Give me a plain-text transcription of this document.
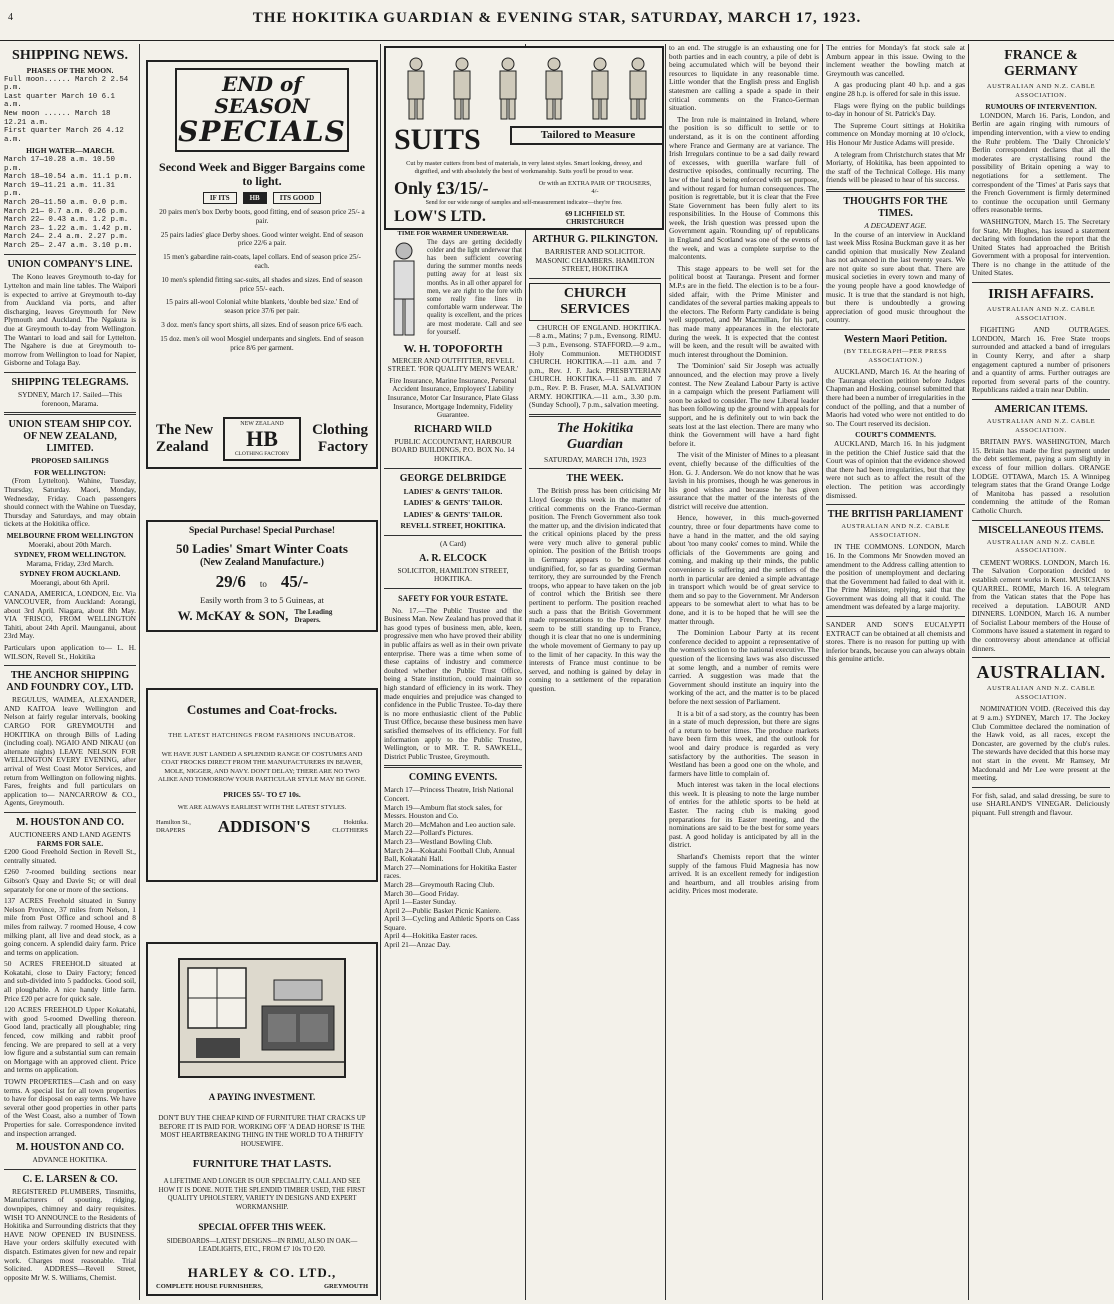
4	THE HOKITIKA GUARDIAN & EVENING STAR, SATURDAY, MARCH 17, 1923.
SHIPPING NEWS.
PHASES OF THE MOON.
Full moon...... March 2 2.54 p.m.
Last quarter March 10 6.1 a.m.
New moon ...... March 18 12.21 a.m.
First quarter March 26 4.12 a.m.
HIGH WATER—MARCH.
March 17—10.28 a.m. 10.50 p.m.
March 18—10.54 a.m. 11.1 p.m.
March 19—11.21 a.m. 11.31 p.m.
March 20—11.50 a.m. 0.0 p.m.
March 21— 0.7 a.m. 0.26 p.m.
March 22— 0.43 a.m. 1.2 p.m.
March 23— 1.22 a.m. 1.42 p.m.
March 24— 2.4 a.m. 2.27 p.m.
March 25— 2.47 a.m. 3.10 p.m.
UNION COMPANY'S LINE.

The Kono leaves Greymouth to-day for Lyttelton and main line tables. The Waipori is expected to arrive at Greymouth to-day from Auckland via ports, and after discharging, leaves Greymouth for New Plymouth and Auckland. The Ngakuta is due at Greymouth to-day from Wellington. The Wantari to load and sail for Lyttelton. The Ngahere is due at Greymouth to-morrow from Wellington to load for Napier, Gisborne and Tolaga Bay.

SHIPPING TELEGRAMS.

SYDNEY, March 17. Sailed—This forenoon, Marama.

UNION STEAM SHIP COY. OF NEW ZEALAND, LIMITED.
PROPOSED SAILINGS
FOR WELLINGTON:

(From Lyttelton). Wahine, Tuesday, Thursday, Saturday. Maori, Monday, Wednesday, Friday. Coach passengers should connect with the Wahine on Tuesday, Thursday and Saturdays, and may obtain tickets at the Hokitika office.

MELBOURNE FROM WELLINGTON
Moeraki, about 20th March.
SYDNEY, FROM WELLINGTON.
Marama, Friday, 23rd March.
SYDNEY FROM AUCKLAND.
Moerangi, about 6th April.

CANADA, AMERICA, LONDON, Etc. Via VANCOUVER, from Auckland: Aorangi, about 3rd April. Niagara, about 8th May. VIA 'FRISCO, FROM WELLINGTON Tahiti, about 24th April. Maunganui, about 23rd May.

Particulars upon application to— L. H. WILSON, Revell St., Hokitika

THE ANCHOR SHIPPING AND FOUNDRY COY., LTD.

REGULUS, WAIMEA, ALEXANDER, AND KAITOA leave Wellington and Nelson at fairly regular intervals, booking CARGO FOR GREYMOUTH and HOKITIKA on through Bills of Lading (including coal). NGAIO AND NIKAU (on alternate nights) LEAVE NELSON FOR WELLINGTON EVERY EVENING, after arrival of West Coast Motor Services, and return from Wellington on following nights. Fares, freights and full particulars on application to— NANCARROW & CO., Agents, Greymouth.

M. HOUSTON AND CO.
AUCTIONEERS AND LAND AGENTS
FARMS FOR SALE.

£200 Good Freehold Section in Revell St., centrally situated.

£260 7-roomed building sections near Gibson's Quay and Davie St; or will deal separately for one or more of the sections.

137 ACRES Freehold situated in Sunny Nelson Province, 37 miles from Nelson, 1 mile from Post Office and school and 8 miles from railway. 7 roomed House, 4 cow milking plant, all live and dead stock, as a going concern. A splendid dairy farm. Price and terms on application.

50 ACRES FREEHOLD situated at Kokatahi, close to Dairy Factory; fenced and sub-divided into 5 paddocks. Good soil, all ploughable. A nice handy little farm. Price £20 per acre for quick sale.

120 ACRES FREEHOLD Upper Kokatahi, with good 5-roomed Dwelling thereon. Good land, practically all ploughable; ring fenced, cow milking and rabbit proof fencing. We are prepared to sell at a very low figure and a substantial sum can remain on Mortgage with an approved client. Price and terms on application.

TOWN PROPERTIES—Cash and on easy terms. A special list for all town properties to have for disposal on easy terms. We have several other good properties in other parts of the West Coast, also a number of Town Properties for sale. Correspondence invited and inspection arranged.

M. HOUSTON AND CO.
ADVANCE HOKITIKA.
C. E. LARSEN & CO.

REGISTERED PLUMBERS, Tinsmiths, Manufacturers of spouting, ridging, downpipes, chimney and dairy requisites. WISH TO ANNOUNCE to the Residents of Hokitika and Surrounding districts that they HAVE NOW OPENED IN BUSINESS. Have your orders skilfully executed with dispatch. Estimates given for new and repair work. Charges most reasonable. Trial Solicited. ADDRESS—Revell Street, opposite Mr W. S. Williams, Chemist.

END of SEASON
SPECIALS
Second Week and Bigger Bargains come to light.
IF ITS	HB	ITS GOOD
20 pairs men's box Derby boots, good fitting, end of season price 25/- a pair.
25 pairs ladies' glace Derby shoes. Good winter weight. End of season price 22/6 a pair.
15 men's gabardine rain-coats, lapel collars. End of season price 25/- each.
10 men's splendid fitting sac-suits, all shades and sizes. End of season price 55/- each.
15 pairs all-wool Colonial white blankets, 'double bed size.' End of season price 37/6 per pair.
3 doz. men's fancy sport shirts, all sizes. End of season price 6/6 each.
15 doz. men's oil wool Mosgiel underpants and singlets. End of season price 8/6 per garment.
The New Zealand
NEW ZEALAND
HB
CLOTHING FACTORY
Clothing Factory
Special Purchase! Special Purchase!
50 Ladies' Smart Winter Coats
(New Zealand Manufacture.)
29/6 to 45/-
Easily worth from 3 to 5 Guineas, at
W. McKAY & SON, The Leading Drapers.
Costumes and Coat-frocks.
THE LATEST HATCHINGS FROM FASHIONS INCUBATOR.
WE HAVE JUST LANDED A SPLENDID RANGE OF COSTUMES AND COAT FROCKS DIRECT FROM THE MANUFACTURERS IN BEAVER, MOLE, NIGGER, AND NAVY. DON'T DELAY; THERE ARE NO TWO ALIKE AND TOMORROW YOUR PARTICULAR STYLE MAY BE GONE.
PRICES 55/- TO £7 10s.
WE ARE ALWAYS EARLIEST WITH THE LATEST STYLES.
Hamilton St., DRAPERS	ADDISON'S	Hokitika. CLOTHIERS
A PAYING INVESTMENT.
DON'T BUY THE CHEAP KIND OF FURNITURE THAT CRACKS UP BEFORE IT IS PAID FOR. WORKING OFF 'A DEAD HORSE' IS THE MOST HEARTBREAKING THING IN THE WORLD TO A THRIFTY HOUSEWIFE.
FURNITURE THAT LASTS.
A LIFETIME AND LONGER IS OUR SPECIALITY. CALL AND SEE HOW IT IS DONE. NOTE THE SPLENDID TIMBER USED, THE FIRST QUALITY UPHOLSTERY, VARIETY IN DESIGNS AND EXPERT WORKMANSHIP.
SPECIAL OFFER THIS WEEK.
SIDEBOARDS—LATEST DESIGNS—IN RIMU, ALSO IN OAK—LEADLIGHTS, ETC., FROM £7 10s TO £20.
HARLEY & CO. LTD.,
COMPLETE HOUSE FURNISHERS,	GREYMOUTH
TIME FOR WARMER UNDERWEAR.
The days are getting decidedly colder and the light underwear that has been sufficient covering during the summer months needs putting away for at least six months. As in all other apparel for men, we are right to the fore with some really fine lines in comfortable warm underwear. The quality is excellent, and the prices are most moderate. Call and see for yourself.
W. H. TOPOFORTH
MERCER AND OUTFITTER, REVELL STREET. 'FOR QUALITY MEN'S WEAR.'
Fire Insurance, Marine Insurance, Personal Accident Insurance, Employers' Liability Insurance, Motor Car Insurance, Plate Glass Insurance, Mortgage Indemnity, Fidelity Guarantee.
RICHARD WILD
PUBLIC ACCOUNTANT, HARBOUR BOARD BUILDINGS, P.O. BOX No. 14 HOKITIKA.
GEORGE DELBRIDGE
LADIES' & GENTS' TAILOR.
LADIES' & GENTS' TAILOR.
LADIES' & GENTS' TAILOR.
REVELL STREET, HOKITIKA.
(A Card)
A. R. ELCOCK
SOLICITOR, HAMILTON STREET, HOKITIKA.
SAFETY FOR YOUR ESTATE.

No. 17.—The Public Trustee and the Business Man. New Zealand has proved that it has good types of business men, able, keen, progressive men who have proved their ability in public affairs as well as in their own private enterprise. There was a time when some of these captains of industry and commerce doubted whether the Public Trust Office, being a State institution, could maintain so high standard of efficiency in its work. They made enquiries and prejudice was changed to confidence in the Public Trustee. To-day there is no more enthusiastic client of the Public Trust Office, because these business men have satisfied themselves of its efficiency. For full information apply to the Public Trustee, Wellington, or to MR. T. R. SAWKELL, District Public Trustee, Greymouth.

COMING EVENTS.
March 17—Princess Theatre, Irish National Concert.
March 19—Amburn flat stock sales, for Messrs. Houston and Co.
March 20—McMahon and Leo auction sale.
March 22—Pollard's Pictures.
March 23—Westland Bowling Club.
March 24—Kokatahi Football Club, Annual Ball, Kokatahi Hall.
March 27—Nominations for Hokitika Easter races.
March 28—Greymouth Racing Club.
March 30—Good Friday.
April 1—Easter Sunday.
April 2—Public Basket Picnic Kaniere.
April 3—Cycling and Athletic Sports on Cass Square.
April 4—Hokitika Easter races.
April 21—Anzac Day.
SUITS	Tailored to Measure
Cut by master cutters from best of materials, in very latest styles. Smart looking, dressy, and dignified, and with absolutely the best of workmanship. Suits you'll be proud to wear.
Only £3/15/-	Or with an EXTRA PAIR OF TROUSERS, 4/-
Send for our wide range of samples and self-measurement indicator—they're free.
LOW'S LTD.	69 LICHFIELD ST. CHRISTCHURCH
ARTHUR G. PILKINGTON.
BARRISTER AND SOLICITOR. MASONIC CHAMBERS. HAMILTON STREET, HOKITIKA
CHURCH SERVICES

CHURCH OF ENGLAND. HOKITIKA.—8 a.m., Matins; 7 p.m., Evensong. RIMU.—3 p.m., Evensong. STAFFORD.—9 a.m., Holy Communion. METHODIST CHURCH. HOKITIKA.—11 a.m. and 7 p.m., Rev. J. F. Jack. PRESBYTERIAN CHURCH. HOKITIKA.—11 a.m. and 7 p.m., Rev. P. B. Fraser, M.A. SALVATION ARMY. HOKITIKA.—11 a.m., 3.30 p.m. (Sunday School), 7 p.m., salvation meeting.

The Hokitika Guardian
SATURDAY, MARCH 17th, 1923
THE WEEK.

The British press has been criticising Mr Lloyd George this week in the matter of critical comments on the Franco-German position. The French Government also took the matter up, and the division indicated that the critical opinions placed by the press were very much alive to general public opinion. The position of the British troops in Germany appears to be somewhat undignified, for, so far as guarding German territory, they are surrounded by the French troops, who appear to have taken on the job of control which the British see there pertinent to perform. The position reached such a pass that the British Government made representations to the French. They seem to be still standing up to France, though it is clear that no one is undermining the whole movement of Germany to pay up to the limit of her capacity. In this way the interests of France must continue to be served, and nothing is gained by delay in coming to a settlement of the reparation question.

to an end. The struggle is an exhausting one for both parties and in each country, a pile of debt is being accumulated which will be beyond their resources to liquidate in any reasonable time. Little wonder that the English press and English statesmen are calling a spade a spade in their critical comments on the Franco-German situation.

The Iron rule is maintained in Ireland, where the position is so difficult to settle or to understand, as it is on the continent affording where France and Germany are at variance. The Irish Irregulars continue to be a sad daily reward of excesses, with guerilla warfare full of destructive episodes, continually recurring. The law of the land is being enforced with set purpose, and without regard for human consequences. The position is regrettable, but it is clear that the Free State Government has been fully alert to its responsibilities. In the House of Commons this week, the Irish question was pressed upon the Government again. 'Rounding up' of republicans in England and Scotland was one of the events of the week, and was a complete surprise to the malcontents.

This stage appears to be well set for the political boost at Tauranga. Present and former M.P.s are in the field. The election is to be a four-sided affair, with the Prime Minister and candidates of the several parties making appeals to the electors. The Reform Party candidate is being well supported, and Mr Macmillan, for his part, has made many appearances in the electorate during the week. It is expected that the contest will be keen, and the result will be awaited with much interest throughout the Dominion.

The 'Dominion' said Sir Joseph was actually announced, and the election may prove a lively contest. The New Zealand Labour Party is active in a campaign which the present Parliament will soon be asked to consider. The new Liberal leader has been following up the ground with appeals for support, and he is definitely out to win back the seats lost at the last election. There are many who think the Government will have a hard fight before it.

The visit of the Minister of Mines to a pleasant event, chiefly because of the difficulties of the Hon. G. J. Anderson. We do not know that he was lavish in his promises, though he was generous in his good wishes and because he has given assurance that the matter of the interests of the district will receive due attention.

Hence, however, in this much-governed country, three or four departments have come to have a hand in the matter, and the old saying about 'too many cooks' comes to mind. While the officials of the Governments are going and coming, and making up their minds, the public convenience is suffering and the settlers of the north in particular are denied a simple advantage in transport which would be of great service to them and so pay to the Government. Mr Anderson appears to be somewhat alert to what has to be done, and it is to be hoped that he will see the matter through.

The Dominion Labour Party at its recent conference decided to appoint a representative of the women's section to the national executive. The question of the licensing laws was also discussed at some length, and a number of remits were carried. A suggestion was made that the Government should institute an inquiry into the working of the act, and the matter is to be placed before the next session of Parliament.

It is a bit of a sad story, as the country has been in a state of much depression, but there are signs of a return to better times. The produce markets have been firm this week, and the outlook for wool and dairy produce is regarded as very satisfactory by the authorities. The season in Westland has been a good one on the whole, and farmers have little to complain of.

Much interest was taken in the local elections this week. It is pleasing to note the large number of entries for the athletic sports to be held at Easter. The racing club is making good preparations for its Easter meeting, and the nominations are said to be the best for some years past. A good holiday is anticipated by all in the district.

Sharland's Chemists report that the winter supply of the famous Fluid Magnesia has now arrived. It is an excellent remedy for indigestion and heartburn, and all troubles arising from acidity. Prices most moderate.

The entries for Monday's fat stock sale at Amburn appear in this issue. Owing to the inclement weather the bowling match at Greymouth was cancelled.

A gas producing plant 40 h.p. and a gas engine 28 h.p. is offered for sale in this issue.

Flags were flying on the public buildings to-day in honour of St. Patrick's Day.

The Supreme Court sittings at Hokitika commence on Monday morning at 10 o'clock, His Honour Mr Justice Adams will preside.

A telegram from Christchurch states that Mr Moriarty, of Hokitika, has been appointed to the staff of the Technical College. His many friends will be pleased to hear of his success.

THOUGHTS FOR THE TIMES.
A DECADENT AGE.

In the course of an interview in Auckland last week Miss Rosina Buckman gave it as her candid opinion that musically New Zealand has not advanced in the last twenty years. We are not quite so sure about that. There are musical societies in every town and many of the young people have a good knowledge of music. It is true that the standard is not high, but there is undoubtedly a growing appreciation of good music throughout the country.

Western Maori Petition.
(BY TELEGRAPH—PER PRESS ASSOCIATION.)

AUCKLAND, March 16. At the hearing of the Tauranga election petition before Judges Chapman and Hosking, counsel submitted that there had been a number of irregularities in the conduct of the polling, and that a number of Maoris had voted who were not entitled to do so. The Court reserved its decision.

COURT'S COMMENTS.

AUCKLAND, March 16. In his judgment in the petition the Chief Justice said that the Court was of opinion that the evidence showed that there had been irregularities, but that they were not such as to affect the result of the election. The petition was accordingly dismissed.

THE BRITISH PARLIAMENT
AUSTRALIAN AND N.Z. CABLE ASSOCIATION.

IN THE COMMONS. LONDON, March 16. In the Commons Mr Snowden moved an amendment to the Address calling attention to the position of unemployment and declaring that the Government had failed to deal with it. The Prime Minister, replying, said that the Government was doing all that it could. The amendment was defeated by a large majority.

SANDER AND SON'S EUCALYPTI EXTRACT can be obtained at all chemists and stores. There is no reason for putting up with inferior brands, because you can always obtain this genuine article.

FRANCE & GERMANY
AUSTRALIAN AND N.Z. CABLE ASSOCIATION.
RUMOURS OF INTERVENTION.

LONDON, March 16. Paris, London, and Berlin are again ringing with rumours of impending intervention, with a view to ending the Ruhr problem. The 'Daily Chronicle's' Berlin correspondent declares that all the moderates are crystallising round the possibility of Britain opening a way to negotiations for a settlement. The correspondent of the 'Times' at Paris says that the French Government is firmly determined to continue the occupation until Germany offers reasonable terms.

WASHINGTON, March 15. The Secretary for State, Mr Hughes, has issued a statement declaring with foundation the report that the United States had approached the British Government with a proposal for intervention. There is no change in the attitude of the United States.

IRISH AFFAIRS.
AUSTRALIAN AND N.Z. CABLE ASSOCIATION.

FIGHTING AND OUTRAGES. LONDON, March 16. Free State troops surrounded and attacked a band of irregulars in County Kerry, and after a sharp engagement captured a number of prisoners and a quantity of arms. Further outrages are reported from several parts of the country. Republicans raided a train near Dublin.

AMERICAN ITEMS.
AUSTRALIAN AND N.Z. CABLE ASSOCIATION.

BRITAIN PAYS. WASHINGTON, March 15. Britain has made the first payment under the debt settlement, paying a sum slightly in excess of four million dollars. ORANGE LODGE. OTTAWA, March 15. A Winnipeg telegram states that the Grand Orange Lodge of Manitoba has passed a resolution condemning the attitude of the Roman Catholic Church.

MISCELLANEOUS ITEMS.
AUSTRALIAN AND N.Z. CABLE ASSOCIATION.

CEMENT WORKS. LONDON, March 16. The Salvation Corporation decided to establish cement works in Kent. MUSICIANS QUARREL. ROME, March 16. A telegram from the Vatican states that the Pope has received a deputation. LABOUR AND DINNERS. LONDON, March 16. A number of Socialist Labour members of the House of Commons have issued a statement in regard to the controversy about attendance at official dinners.

AUSTRALIAN.
AUSTRALIAN AND N.Z. CABLE ASSOCIATION.

NOMINATION VOID. (Received this day at 9 a.m.) SYDNEY, March 17. The Jockey Club Committee declared the nomination of the Hawk void, as all races, except the Doncaster, are governed by the club's rules. The stewards have decided that this horse may not start in the event. Mr Ramsey, Mr Macdonald and Mr Lee were present at the meeting.

For fish, salad, and salad dressing, be sure to use SHARLAND'S VINEGAR. Deliciously piquant. Full strength and flavour.
